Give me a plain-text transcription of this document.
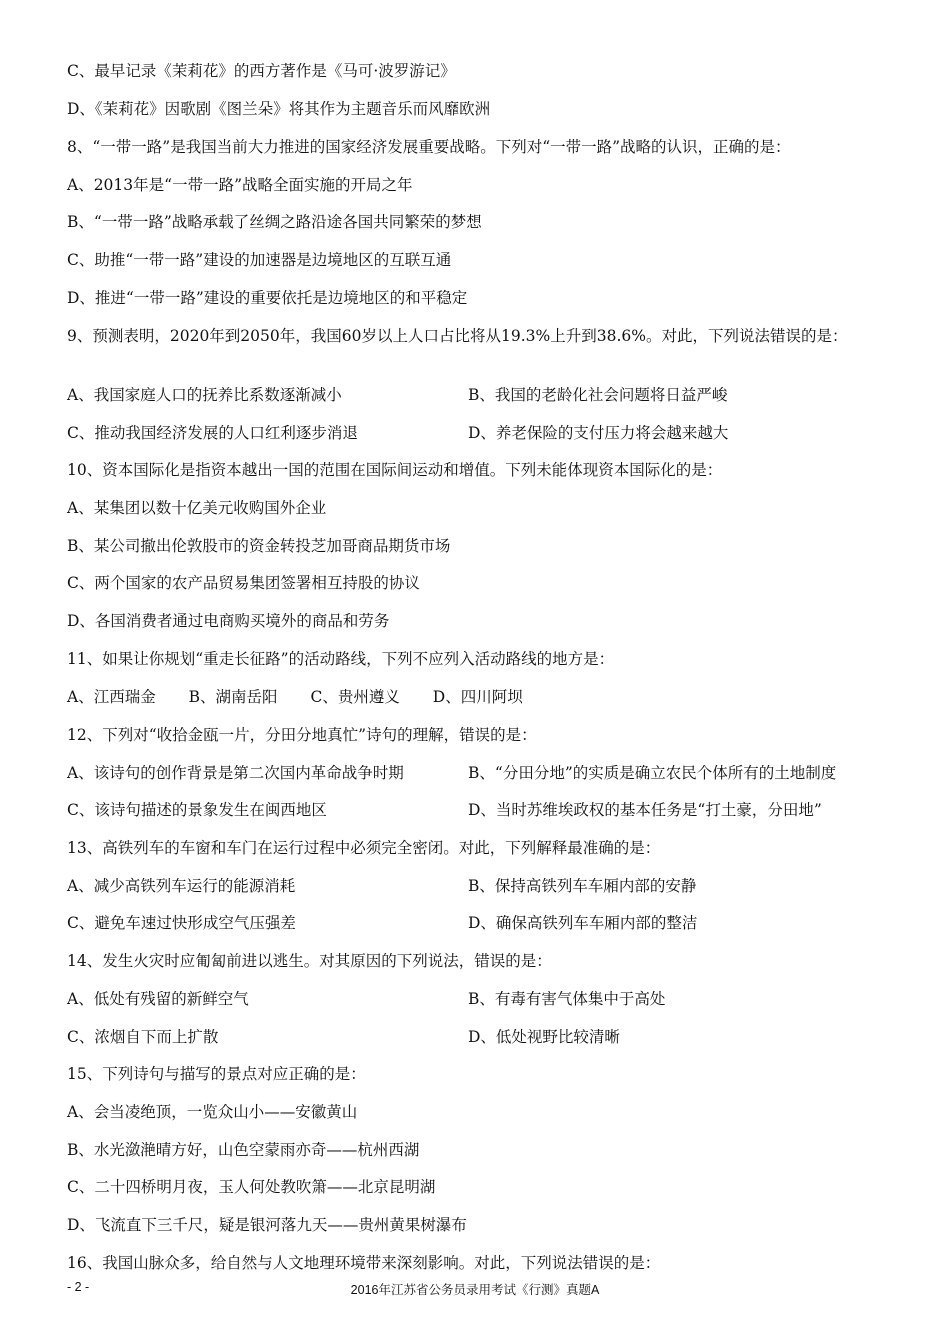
C、最早记录《茉莉花》的西方著作是《马可·波罗游记》
D、《茉莉花》因歌剧《图兰朵》将其作为主题音乐而风靡欧洲
8、“一带一路”是我国当前大力推进的国家经济发展重要战略。下列对“一带一路”战略的认识，正确的是：
A、2013年是“一带一路”战略全面实施的开局之年
B、“一带一路”战略承载了丝绸之路沿途各国共同繁荣的梦想
C、助推“一带一路”建设的加速器是边境地区的互联互通
D、推进“一带一路”建设的重要依托是边境地区的和平稳定
9、预测表明，2020年到2050年，我国60岁以上人口占比将从19.3%上升到38.6%。对此，下列说法错误的是：
A、我国家庭人口的抚养比系数逐渐减小	B、我国的老龄化社会问题将日益严峻
C、推动我国经济发展的人口红利逐步消退	D、养老保险的支付压力将会越来越大
10、资本国际化是指资本越出一国的范围在国际间运动和增值。下列未能体现资本国际化的是：
A、某集团以数十亿美元收购国外企业
B、某公司撤出伦敦股市的资金转投芝加哥商品期货市场
C、两个国家的农产品贸易集团签署相互持股的协议
D、各国消费者通过电商购买境外的商品和劳务
11、如果让你规划“重走长征路”的活动路线，下列不应列入活动路线的地方是：
A、江西瑞金 B、湖南岳阳 C、贵州遵义 D、四川阿坝
12、下列对“收拾金瓯一片，分田分地真忙”诗句的理解，错误的是：
A、该诗句的创作背景是第二次国内革命战争时期	B、“分田分地”的实质是确立农民个体所有的土地制度
C、该诗句描述的景象发生在闽西地区	D、当时苏维埃政权的基本任务是“打土豪，分田地”
13、高铁列车的车窗和车门在运行过程中必须完全密闭。对此，下列解释最准确的是：
A、减少高铁列车运行的能源消耗	B、保持高铁列车车厢内部的安静
C、避免车速过快形成空气压强差	D、确保高铁列车车厢内部的整洁
14、发生火灾时应匍匐前进以逃生。对其原因的下列说法，错误的是：
A、低处有残留的新鲜空气	B、有毒有害气体集中于高处
C、浓烟自下而上扩散	D、低处视野比较清晰
15、下列诗句与描写的景点对应正确的是：
A、会当凌绝顶，一览众山小——安徽黄山
B、水光潋滟晴方好，山色空蒙雨亦奇——杭州西湖
C、二十四桥明月夜，玉人何处教吹箫——北京昆明湖
D、飞流直下三千尺，疑是银河落九天——贵州黄果树瀑布
16、我国山脉众多，给自然与人文地理环境带来深刻影响。对此，下列说法错误的是：
- 2 -	2016年江苏省公务员录用考试《行测》真题A
